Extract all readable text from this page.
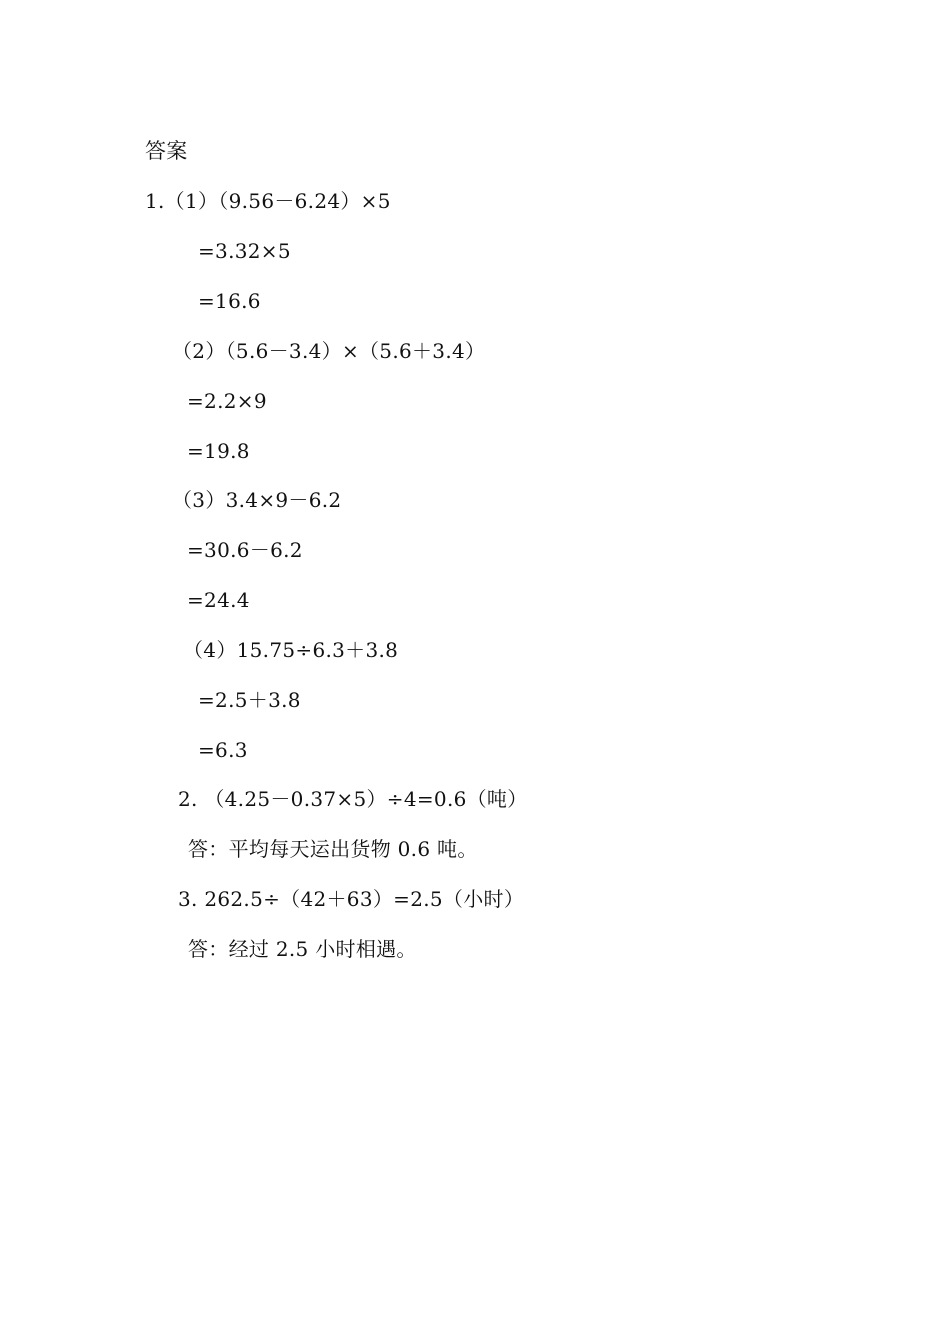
答案
1.（1）（9.56－6.24）×5
=3.32×5
=16.6
（2）（5.6－3.4）×（5.6＋3.4）
=2.2×9
=19.8
（3）3.4×9－6.2
=30.6－6.2
=24.4
（4）15.75÷6.3＋3.8
=2.5＋3.8
=6.3
2. （4.25－0.37×5）÷4=0.6（吨）
答：平均每天运出货物 0.6 吨。
3. 262.5÷（42＋63）=2.5（小时）
答：经过 2.5 小时相遇。
